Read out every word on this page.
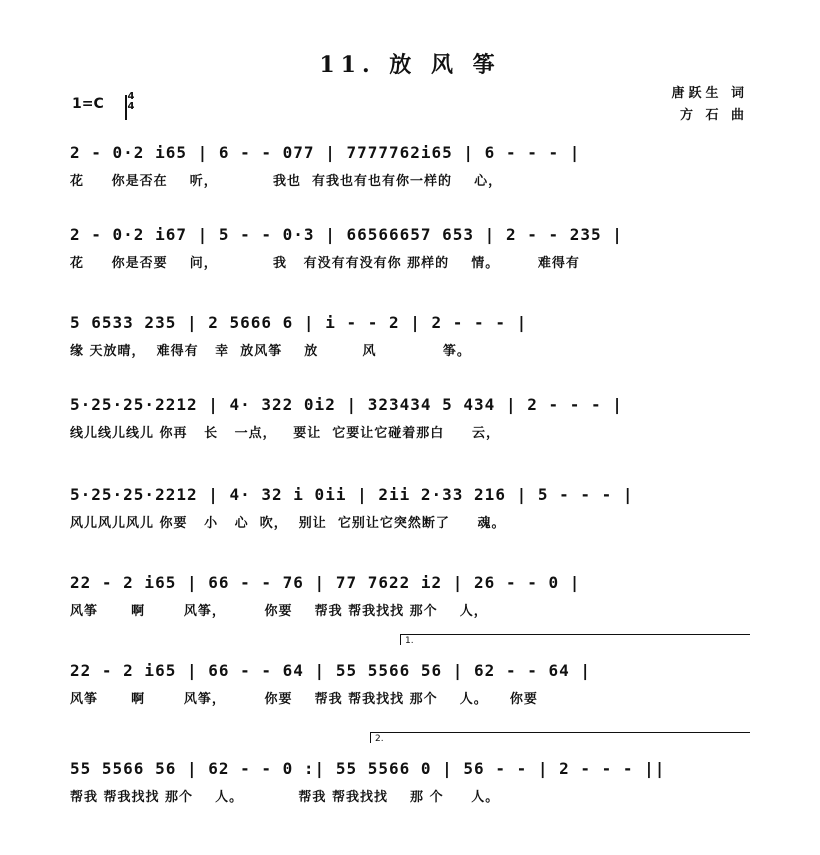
11. 放 风 筝
唐跃生 词
方 石 曲
1=C 4
4
2 - 0·2 i65 | 6 - - 077 | 7777762i65 | 6 - - - |
花     你是否在    听，          我也  有我也有也有你一样的    心，
2 - 0·2 i67 | 5 - - 0·3 | 66566657 653 | 2 - - 235 |
花     你是否要    问，          我   有没有有没有你 那样的    情。       难得有
5 6533 235 | 2 5666 6 | i - - 2 | 2 - - - |
缘 天放晴，  难得有   幸  放风筝    放        风            筝。
5·25·25·2212 | 4· 322 0i2 | 323434 5 434 | 2 - - - |
线儿线儿线儿 你再   长   一点，   要让  它要让它碰着那白     云，
5·25·25·2212 | 4· 32 i 0ii | 2ii 2·33 216 | 5 - - - |
风儿风儿风儿 你要   小   心  吹，  别让  它别让它突然断了     魂。
22 - 2 i65 | 66 - - 76 | 77 7622 i2 | 26 - - 0 |
风筝      啊       风筝，       你要    帮我 帮我找找 那个    人，
1.
22 - 2 i65 | 66 - - 64 | 55 5566 56 | 62 - - 64 |
风筝      啊       风筝，       你要    帮我 帮我找找 那个    人。    你要
2.
55 5566 56 | 62 - - 0 :| 55 5566 0 | 56 - - | 2 - - - ||
帮我 帮我找找 那个    人。          帮我 帮我找找    那 个     人。
